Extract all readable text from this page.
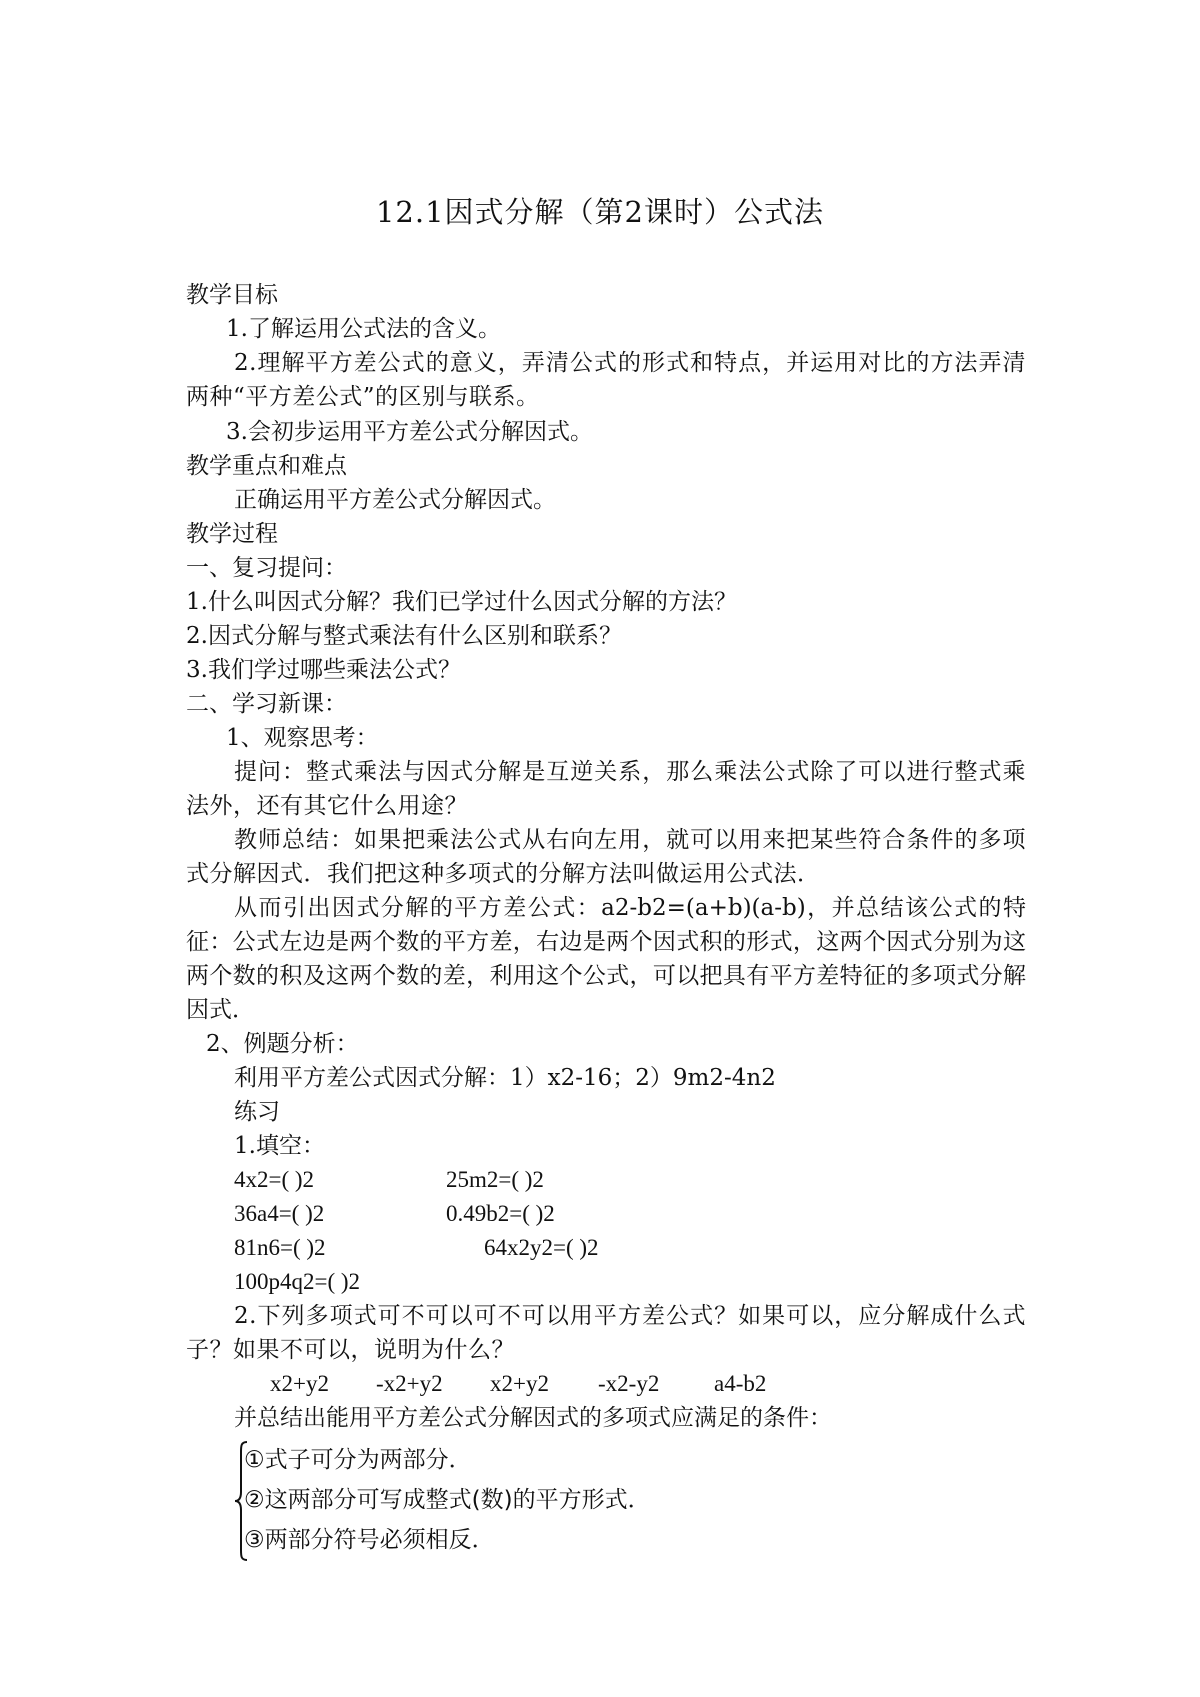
12.1因式分解（第2课时）公式法
教学目标
1.了解运用公式法的含义。
2.理解平方差公式的意义，弄清公式的形式和特点，并运用对比的方法弄清两种“平方差公式”的区别与联系。
3.会初步运用平方差公式分解因式。
教学重点和难点
正确运用平方差公式分解因式。
教学过程
一、复习提问：
1.什么叫因式分解？我们已学过什么因式分解的方法？
2.因式分解与整式乘法有什么区别和联系？
3.我们学过哪些乘法公式？
二、学习新课：
1、观察思考：
提问：整式乘法与因式分解是互逆关系，那么乘法公式除了可以进行整式乘法外，还有其它什么用途？
教师总结：如果把乘法公式从右向左用，就可以用来把某些符合条件的多项式分解因式．我们把这种多项式的分解方法叫做运用公式法．
从而引出因式分解的平方差公式：a2-b2=(a+b)(a-b)，并总结该公式的特征：公式左边是两个数的平方差，右边是两个因式积的形式，这两个因式分别为这两个数的积及这两个数的差，利用这个公式，可以把具有平方差特征的多项式分解因式．
2、例题分析：
利用平方差公式因式分解：1）x2-16；2）9m2-4n2
练习
1.填空：
4x2=( )2	25m2=( )2
36a4=( )2	0.49b2=( )2
81n6=( )2	64x2y2=( )2
100p4q2=( )2
2.下列多项式可不可以可不可以用平方差公式？如果可以，应分解成什么式子？如果不可以，说明为什么？
x2+y2 -x2+y2 x2+y2 -x2-y2 a4-b2
并总结出能用平方差公式分解因式的多项式应满足的条件：
①式子可分为两部分．
②这两部分可写成整式(数)的平方形式．
③两部分符号必须相反．
